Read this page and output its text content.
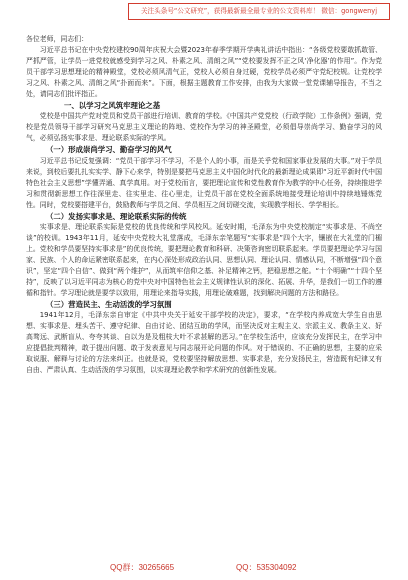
关注头条号“公文研究”，获得最新最全最专业的公文资料库！ 微信：gongwenyj

各位老师，同志们：

习近平总书记在中央党校建校90周年庆祝大会暨2023年春季学期开学典礼讲话中指出：“各级党校要敢抓敢管、严抓严管，让学员一进党校就感受到学习之风、朴素之风、清朗之风”“党校要发挥不正之风‘净化器’的作用”。作为党员干部学习思想理论的精神殿堂，党校必须风清气正，党校人必须自身过硬，党校学员必须严守党纪校规。让党校学习之风、朴素之风、清朗之风“扑面而来”。下面，根据主题教育工作安排，由我为大家做一堂党课辅导报告，不当之处，请同志们批评指正。

一、以学习之风筑牢理论之基

党校是中国共产党对党员和党员干部进行培训、教育的学校。《中国共产党党校（行政学院）工作条例》强调，党校是党员领导干部学习研究马克思主义理论的阵地、党校作为学习的神圣殿堂，必须倡导崇尚学习、勤奋学习的风气，必须弘扬实事求是、理论联系实际的学风。

（一）形成崇尚学习、勤奋学习的风气

习近平总书记反复强调：“党员干部学习不学习，不是个人的小事，而是关乎党和国家事业发展的大事。”对于学员来说，到校后要扎扎实实学、静下心来学，特别是要把马克思主义中国化时代化的最新理论成果即“习近平新时代中国特色社会主义思想”学懂弄通、真学真用。对于党校而言，要把理论宣传和党性教育作为教学的中心任务，持续推进学习和贯彻新思想工作往深里走、往实里走、往心里走，让党员干部在党校全面系统地接受理论培训中持续地锤炼党性。同时，党校要搭建平台，鼓励教师与学员之间、学员相互之间切磋交流，实现教学相长、学学相长。

（二）发扬实事求是、理论联系实际的传统

实事求是、理论联系实际是党校的优良传统和学风校风。延安时期，毛泽东为中央党校制定“实事求是、不尚空谈”的校训。1943年11月，延安中央党校大礼堂落成，毛泽东亲笔题写“实事求是”四个大字，镶嵌在大礼堂的门楣上。党校和学员要坚持实事求是”的优良传统，要把理论教育和科研、决策咨询密切联系起来。学员要把理论学习与国家、民族、个人的命运紧密联系起来，在内心深处形成政治认同、思想认同、理论认同、情感认同，不断增强“四个意识”，坚定“四个自信”、做到“两个维护”，从而筑牢信仰之基、补足精神之钙，把稳思想之舵。“十个明确”“十四个坚持”，反映了以习近平同志为核心的党中央对中国特色社会主义规律性认识的深化、拓展、升华，是我们一切工作的遵循和指针。学习理论就是要学以致用，用理论来指导实践，用理论破难题，找到解决问题的方法和路径。

（三）营造民主、生动活泼的学习氛围

1941年12月，毛泽东亲自审定《中共中央关于延安干部学校的决定》，要求，“在学校内养成宽大学生自由思想、实事求是、埋头苦干、遵守纪律、自由讨论、团结互助的学风，而坚决反对主观主义、宗派主义、教条主义、好高骛远、武断盲从、夸夸其谈、自以为是及粗枝大叶不求甚解的恶习。”在学校生活中，应该充分发挥民主，在学习中应提倡批判精神，敢于提出问题、敢于发表意见与同志展开论问题的作风。对于错误的、不正确的思想，主要的应采取说服、解释与讨论的方法来纠正。也就是说，党校要坚持解放思想、实事求是，充分发扬民主，营造既有纪律又有自由、严肃认真、生动活泼的学习氛围，以实现理论教学和学术研究的创新性发展。

QQ群：30265665	QQ：535304092
